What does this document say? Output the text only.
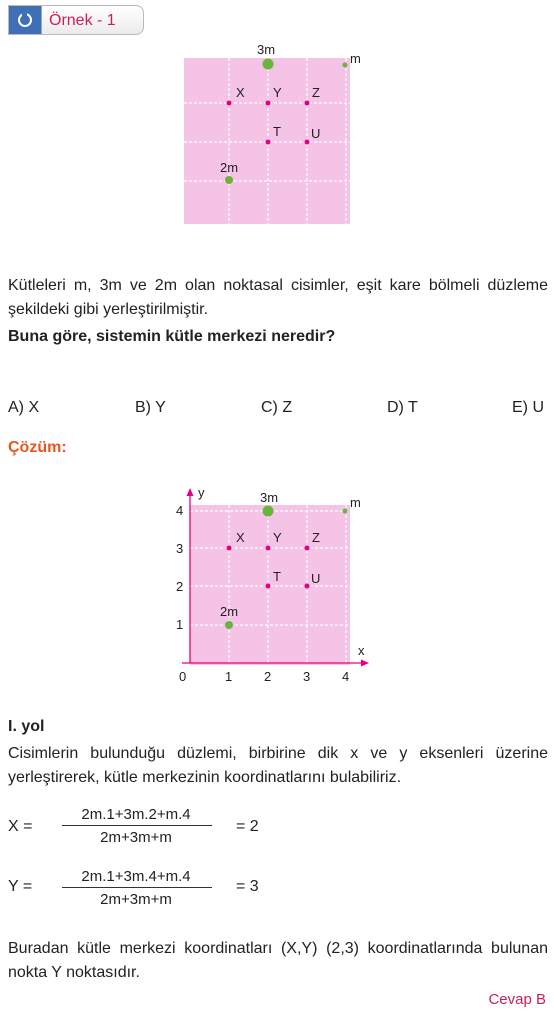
Örnek - 1
3m
m
2m
X Y Z
T U
Kütleleri m, 3m ve 2m olan noktasal cisimler, eşit kare bölmeli düzleme şekildeki gibi yerleştirilmiştir.
Buna göre, sistemin kütle merkezi neredir?
A) X	B) Y	C) Z	D) T	E) U
Çözüm:
y
x
3m	m
2m
X Y Z
T U
4
3
2
1
0	1 2 3 4
I. yol
Cisimlerin bulunduğu düzlemi, birbirine dik x ve y eksenleri üzerine yerleştirerek, kütle merkezinin koordinatlarını bulabiliriz.
X =
2m.1+3m.2+m.4
2m+3m+m
= 2
Y =
2m.1+3m.4+m.4
2m+3m+m
= 3
Buradan kütle merkezi koordinatları (X,Y) (2,3) koordinatlarında bulunan nokta Y noktasıdır.
Cevap B
